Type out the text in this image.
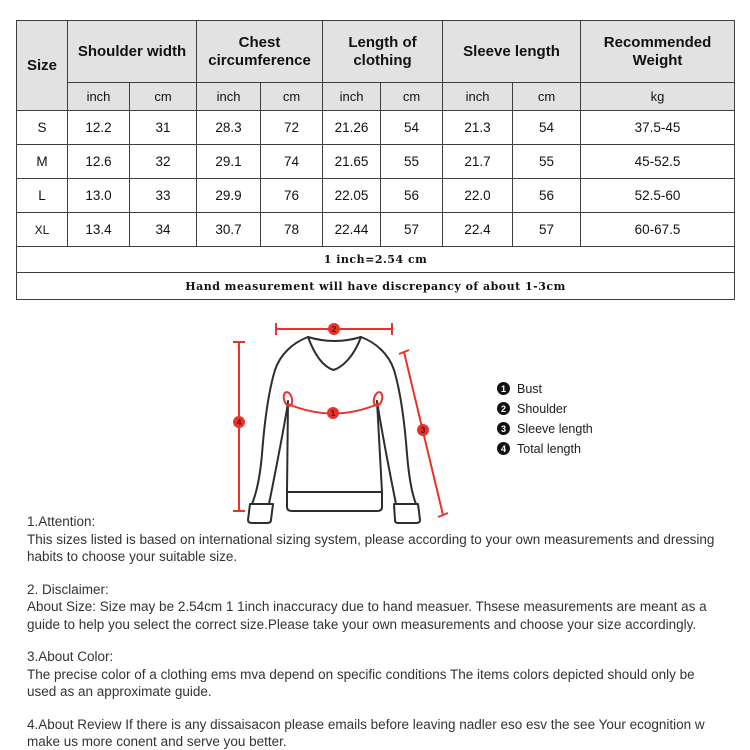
Size	Shoulder width		Chest circumference		Length of clothing		Sleeve length		Recommended Weight
	inch	cm	inch	cm	inch	cm	inch	cm	kg
S	12.2	31	28.3	72	21.26	54	21.3	54	37.5-45
M	12.6	32	29.1	74	21.65	55	21.7	55	45-52.5
L	13.0	33	29.9	76	22.05	56	22.0	56	52.5-60
XL	13.4	34	30.7	78	22.44	57	22.4	57	60-67.5
1 inch=2.54 cm									
Hand measurement will have discrepancy of about 1-3cm									
2
1
3
4
1 Bust
2 Shoulder
3 Sleeve length
4 Total length
1.Attention:
This sizes listed is based on international sizing system, please according to your own measurements and dressing   habits to choose your suitable size.
2. Disclaimer:
About Size: Size may be 2.54cm 1 1inch inaccuracy due to hand measuer. Thsese measurements are meant as a   guide to help you select the correct size.Please take your own measurements and choose your size accordingly.
3.About Color:
The precise color of a clothing ems mva depend on specific conditions The items colors depicted should only be   used as an approximate guide.
4.About Review If there is any dissaisacon please emails before leaving nadler eso esv the see Your ecognition w   make us more conent and serve you better.
